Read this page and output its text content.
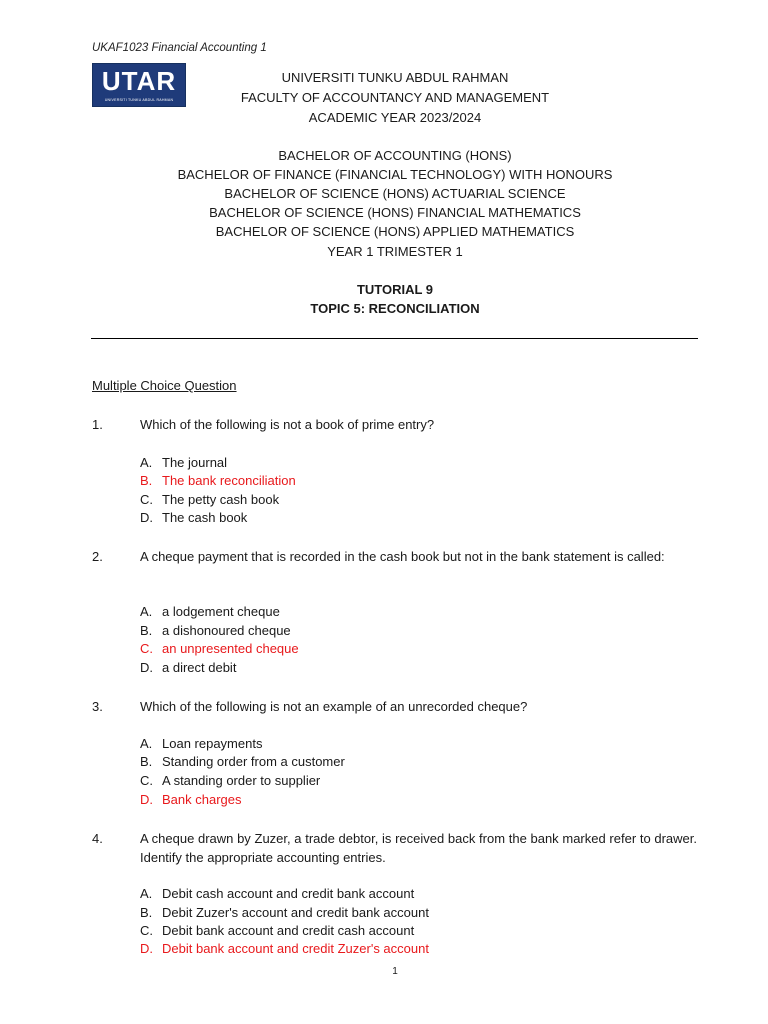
UKAF1023 Financial Accounting 1
UTAR
UNIVERSITI TUNKU ABDUL RAHMAN
UNIVERSITI TUNKU ABDUL RAHMAN
FACULTY OF ACCOUNTANCY AND MANAGEMENT
ACADEMIC YEAR 2023/2024
BACHELOR OF ACCOUNTING (HONS)
BACHELOR OF FINANCE (FINANCIAL TECHNOLOGY) WITH HONOURS
BACHELOR OF SCIENCE (HONS) ACTUARIAL SCIENCE
BACHELOR OF SCIENCE (HONS) FINANCIAL MATHEMATICS
BACHELOR OF SCIENCE (HONS) APPLIED MATHEMATICS
YEAR 1 TRIMESTER 1
TUTORIAL 9
TOPIC 5: RECONCILIATION
Multiple Choice Question
1.	Which of the following is not a book of prime entry?
A. The journal
B. The bank reconciliation
C. The petty cash book
D. The cash book
2.	A cheque payment that is recorded in the cash book but not in the bank statement is called:
A. a lodgement cheque
B. a dishonoured cheque
C. an unpresented cheque
D. a direct debit
3.	Which of the following is not an example of an unrecorded cheque?
A. Loan repayments
B. Standing order from a customer
C. A standing order to supplier
D. Bank charges
4.	A cheque drawn by Zuzer, a trade debtor, is received back from the bank marked refer to drawer. Identify the appropriate accounting entries.
A. Debit cash account and credit bank account
B. Debit Zuzer's account and credit bank account
C. Debit bank account and credit cash account
D. Debit bank account and credit Zuzer's account
1
